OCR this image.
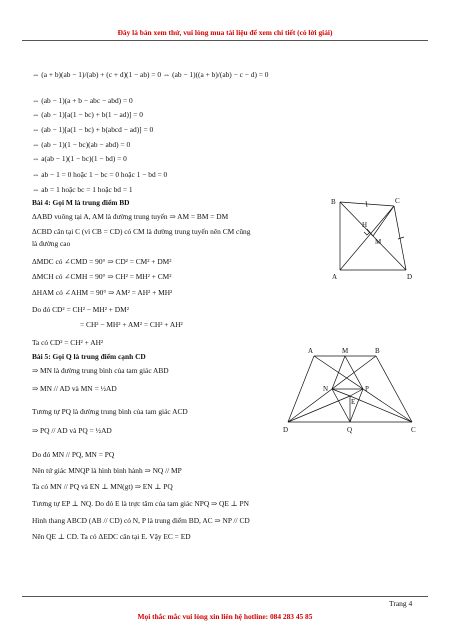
Đây là bản xem thử, vui lòng mua tài liệu để xem chi tiết (có lời giải)
⇔ (a + b)(ab − 1)/(ab) + (c + d)(1 − ab) = 0 ⇔ (ab − 1)((a + b)/(ab) − c − d) = 0
⇔ (ab − 1)(a + b − abc − abd) = 0
⇔ (ab − 1)[a(1 − bc) + b(1 − ad)] = 0
⇔ (ab − 1)[a(1 − bc) + b(abcd − ad)] = 0
⇔ (ab − 1)(1 − bc)(ab − abd) = 0
⇔ a(ab − 1)(1 − bc)(1 − bd) = 0
⇔ ab − 1 = 0 hoặc 1 − bc = 0 hoặc 1 − bd = 0
⇔ ab = 1 hoặc bc = 1 hoặc bd = 1
Bài 4: Gọi M là trung điểm BD
ΔABD vuông tại A, AM là đường trung tuyến ⇒ AM = BM = DM
ΔCBD cân tại C (vì CB = CD) có CM là đường trung tuyến nên CM cũng
là đường cao
ΔMDC có ∠CMD = 90° ⇒ CD² = CM² + DM²
ΔMCH có ∠CMH = 90° ⇒ CH² = MH² + CM²
ΔHAM có ∠AHM = 90° ⇒ AM² = AH² + MH²
Do đó CD² = CH² − MH² + DM²
= CH² − MH² + AM² = CH² + AH²
Ta có CD² = CH² + AH²
Bài 5: Gọi Q là trung điểm cạnh CD
⇒ MN là đường trung bình của tam giác ABD
⇒ MN // AD và MN = ½AD
Tương tự PQ là đường trung bình của tam giác ACD
⇒ PQ // AD và PQ = ½AD
Do đó MN // PQ, MN = PQ
Nên tứ giác MNQP là hình bình hành ⇒ NQ // MP
Ta có MN // PQ và EN ⊥ MN(gt) ⇒ EN ⊥ PQ
Tương tự EP ⊥ NQ. Do đó E là trực tâm của tam giác NPQ ⇒ QE ⊥ PN
Hình thang ABCD (AB // CD) có N, P là trung điểm BD, AC ⇒ NP // CD
Nên QE ⊥ CD. Ta có ΔEDC cân tại E. Vậy EC = ED
B	C
H
M
A	D
A	M	B
N	P
E
D	Q	C
Trang 4
Mọi thắc mắc vui lòng xin liên hệ hotline: 084 283 45 85
